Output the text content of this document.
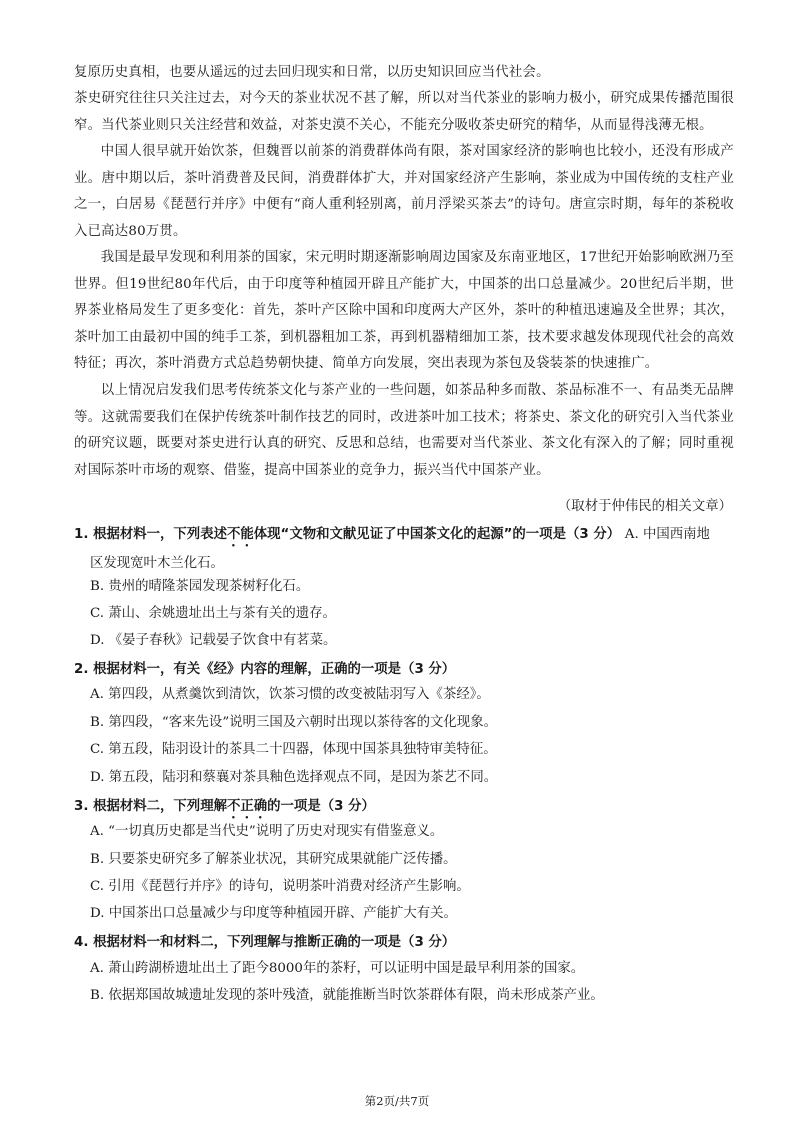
复原历史真相，也要从遥远的过去回归现实和日常，以历史知识回应当代社会。

茶史研究往往只关注过去，对今天的茶业状况不甚了解，所以对当代茶业的影响力极小，研究成果传播范围很窄。当代茶业则只关注经营和效益，对茶史漠不关心，不能充分吸收茶史研究的精华，从而显得浅薄无根。

中国人很早就开始饮茶，但魏晋以前茶的消费群体尚有限，茶对国家经济的影响也比较小，还没有形成产业。唐中期以后，茶叶消费普及民间，消费群体扩大，并对国家经济产生影响，茶业成为中国传统的支柱产业之一，白居易《琵琶行并序》中便有“商人重利轻别离，前月浮梁买茶去”的诗句。唐宣宗时期，每年的茶税收入已高达80万贯。

我国是最早发现和利用茶的国家，宋元明时期逐渐影响周边国家及东南亚地区，17世纪开始影响欧洲乃至世界。但19世纪80年代后，由于印度等种植园开辟且产能扩大，中国茶的出口总量减少。20世纪后半期，世界茶业格局发生了更多变化：首先，茶叶产区除中国和印度两大产区外，茶叶的种植迅速遍及全世界；其次，茶叶加工由最初中国的纯手工茶，到机器粗加工茶，再到机器精细加工茶，技术要求越发体现现代社会的高效特征；再次，茶叶消费方式总趋势朝快捷、简单方向发展，突出表现为茶包及袋装茶的快速推广。

以上情况启发我们思考传统茶文化与茶产业的一些问题，如茶品种多而散、茶品标准不一、有品类无品牌等。这就需要我们在保护传统茶叶制作技艺的同时，改进茶叶加工技术；将茶史、茶文化的研究引入当代茶业的研究议题，既要对茶史进行认真的研究、反思和总结，也需要对当代茶业、茶文化有深入的了解；同时重视对国际茶叶市场的观察、借鉴，提高中国茶业的竞争力，振兴当代中国茶产业。

（取材于仲伟民的相关文章）

1. 根据材料一，下列表述不能体现“文物和文献见证了中国茶文化的起源”的一项是（3 分） A. 中国西南地
区发现宽叶木兰化石。

B. 贵州的晴隆茶园发现茶树籽化石。

C. 萧山、余姚遗址出土与茶有关的遗存。

D. 《晏子春秋》记载晏子饮食中有茗菜。

2. 根据材料一，有关《经》内容的理解，正确的一项是（3 分）

A. 第四段，从煮羹饮到清饮，饮茶习惯的改变被陆羽写入《茶经》。

B. 第四段，“客来先设”说明三国及六朝时出现以茶待客的文化现象。

C. 第五段，陆羽设计的茶具二十四器，体现中国茶具独特审美特征。

D. 第五段，陆羽和蔡襄对茶具釉色选择观点不同，是因为茶艺不同。

3. 根据材料二，下列理解不正确的一项是（3 分）

A. “一切真历史都是当代史”说明了历史对现实有借鉴意义。

B. 只要茶史研究多了解茶业状况，其研究成果就能广泛传播。

C. 引用《琵琶行并序》的诗句，说明茶叶消费对经济产生影响。

D. 中国茶出口总量减少与印度等种植园开辟、产能扩大有关。

4. 根据材料一和材料二，下列理解与推断正确的一项是（3 分）

A. 萧山跨湖桥遗址出土了距今8000年的茶籽，可以证明中国是最早利用茶的国家。

B. 依据郑国故城遗址发现的茶叶残渣，就能推断当时饮茶群体有限，尚未形成茶产业。

第2页/共7页
